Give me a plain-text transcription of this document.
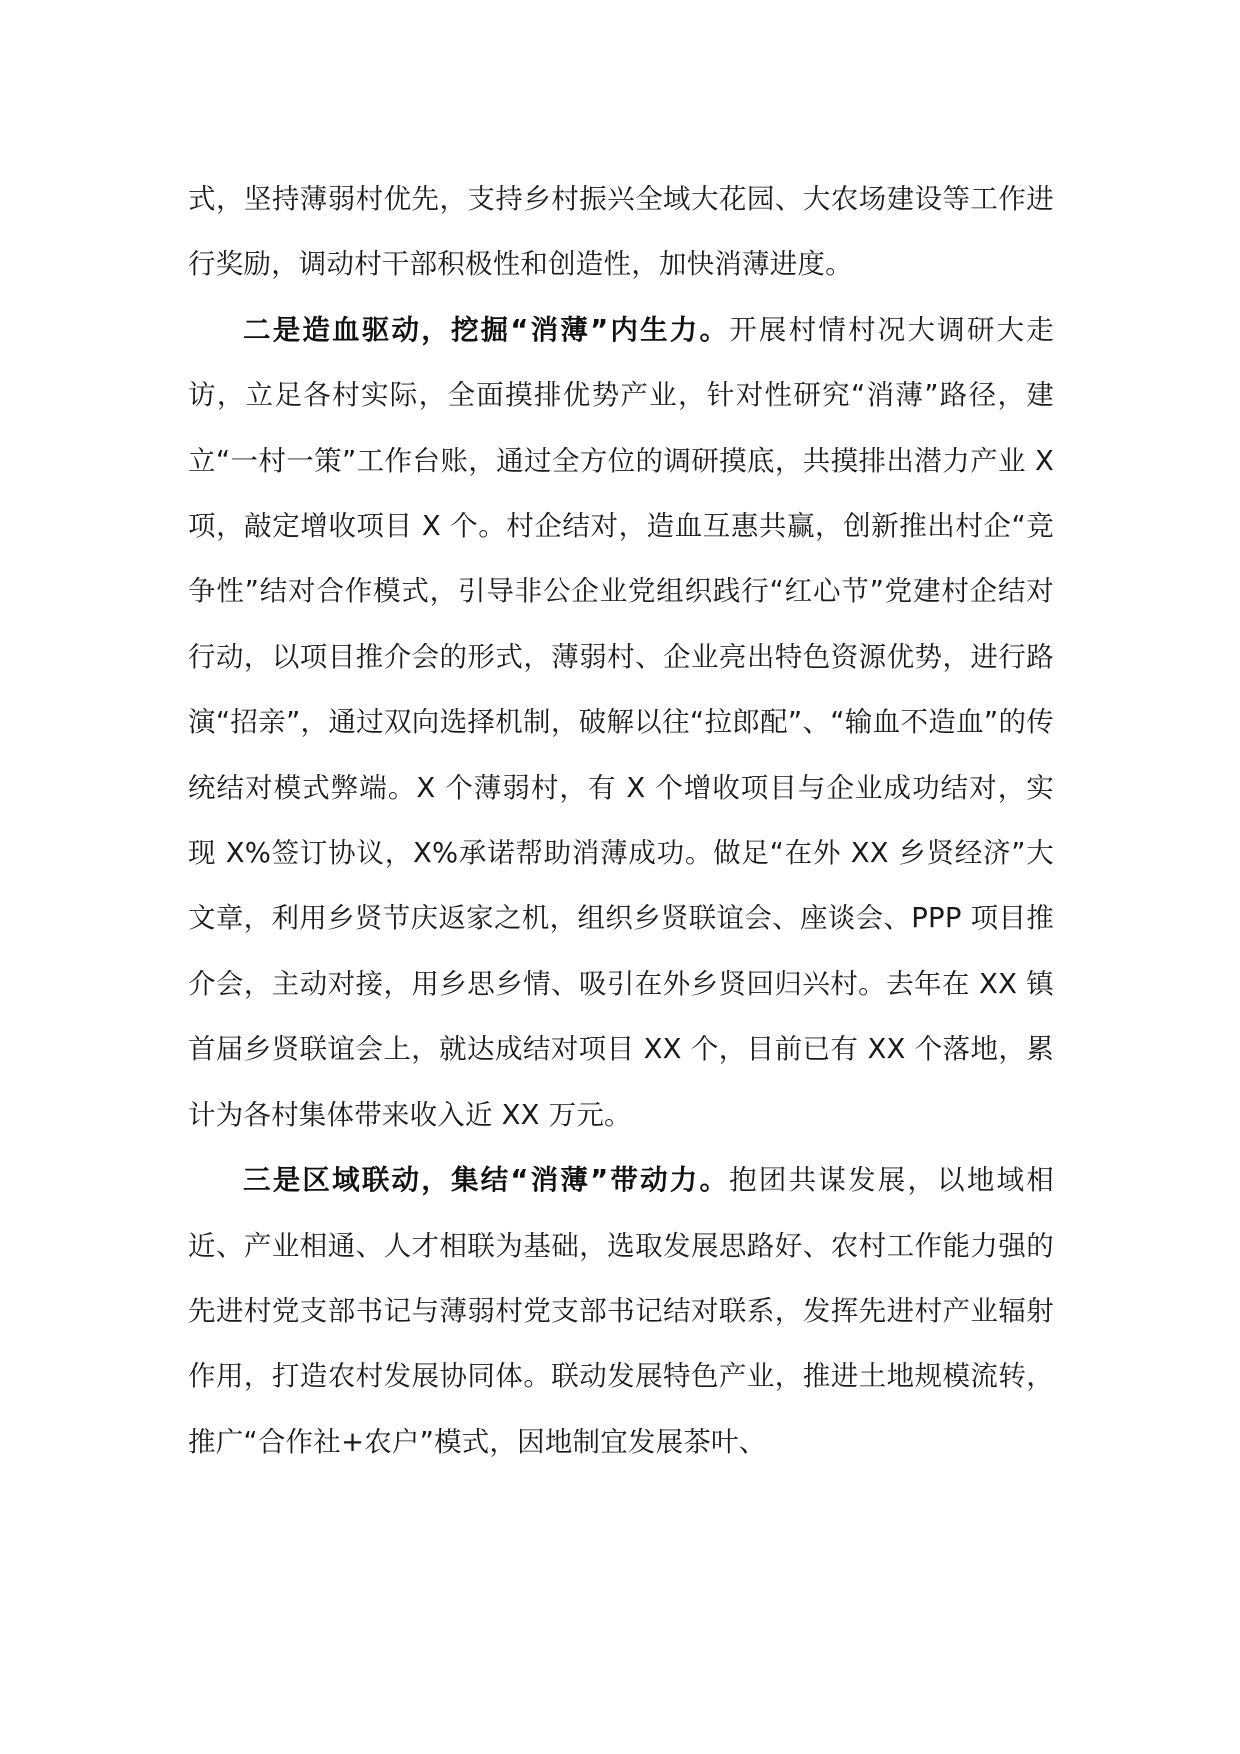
式，坚持薄弱村优先，支持乡村振兴全域大花园、大农场建设等工作进行奖励，调动村干部积极性和创造性，加快消薄进度。

二是造血驱动，挖掘“消薄”内生力。开展村情村况大调研大走访，立足各村实际，全面摸排优势产业，针对性研究“消薄”路径，建立“一村一策”工作台账，通过全方位的调研摸底，共摸排出潜力产业 X 项，敲定增收项目 X 个。村企结对，造血互惠共赢，创新推出村企“竞争性”结对合作模式，引导非公企业党组织践行“红心节”党建村企结对行动，以项目推介会的形式，薄弱村、企业亮出特色资源优势，进行路演“招亲”，通过双向选择机制，破解以往“拉郎配”、“输血不造血”的传统结对模式弊端。X 个薄弱村，有 X 个增收项目与企业成功结对，实现 X%签订协议，X%承诺帮助消薄成功。做足“在外 XX 乡贤经济”大文章，利用乡贤节庆返家之机，组织乡贤联谊会、座谈会、PPP 项目推介会，主动对接，用乡思乡情、吸引在外乡贤回归兴村。去年在 XX 镇首届乡贤联谊会上，就达成结对项目 XX 个，目前已有 XX 个落地，累计为各村集体带来收入近 XX 万元。

三是区域联动，集结“消薄”带动力。抱团共谋发展，以地域相近、产业相通、人才相联为基础，选取发展思路好、农村工作能力强的先进村党支部书记与薄弱村党支部书记结对联系，发挥先进村产业辐射作用，打造农村发展协同体。联动发展特色产业，推进土地规模流转，推广“合作社+农户”模式，因地制宜发展茶叶、
